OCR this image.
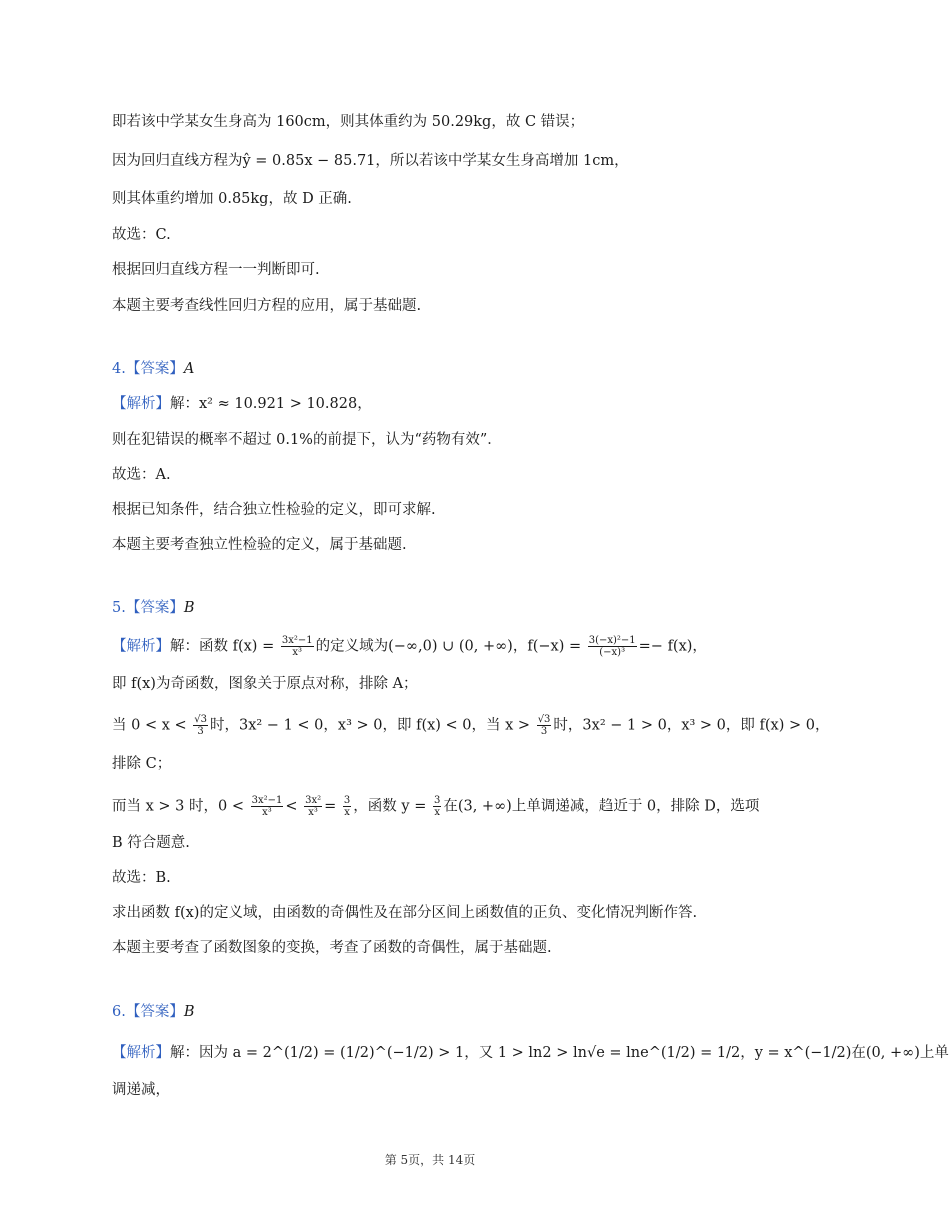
即若该中学某女生身高为 160cm，则其体重约为 50.29kg，故 C 错误；
因为回归直线方程为ŷ = 0.85x − 85.71，所以若该中学某女生身高增加 1cm，
则其体重约增加 0.85kg，故 D 正确.
故选：C.
根据回归直线方程一一判断即可.
本题主要考查线性回归方程的应用，属于基础题.
4.【答案】A
【解析】解：x² ≈ 10.921 > 10.828，
则在犯错误的概率不超过 0.1%的前提下，认为“药物有效”．
故选：A.
根据已知条件，结合独立性检验的定义，即可求解.
本题主要考查独立性检验的定义，属于基础题.
5.【答案】B
【解析】解：函数 $f(x) = \frac{\text{3x²−1}}{\text{x³}}$ 的定义域为(−∞,0) ∪ (0, +∞)，$f(-x) = \frac{\text{3(−x)²−1}}{\text{(−x)³}} =- f(x)$，
即 f(x)为奇函数，图象关于原点对称，排除 A；
当 $0 < x < \frac{√3}{3}$ 时，3x² − 1 < 0，x³ > 0，即 f(x) < 0，当 $x > \frac{√3}{3}$ 时，3x² − 1 > 0，x³ > 0，即 f(x) > 0，
排除 C；
而当 x > 3 时，$0 < \frac{\text{3x²−1}}{\text{x³}} < \frac{\text{3x²}}{\text{x³}} = \frac{3}{x}$ ，函数 $y = \frac{3}{x}$ 在(3, +∞)上单调递减，趋近于 0，排除 D，选项
B 符合题意.
故选：B.
求出函数 f(x)的定义域，由函数的奇偶性及在部分区间上函数值的正负、变化情况判断作答.
本题主要考查了函数图象的变换，考查了函数的奇偶性，属于基础题.
6.【答案】B
【解析】解：因为 a = 2^(1/2) = (1/2)^(−1/2) > 1，又 1 > ln2 > ln√e = lne^(1/2) = 1/2，y = x^(−1/2)在(0, +∞)上单
调递减，
第 5页，共 14页
